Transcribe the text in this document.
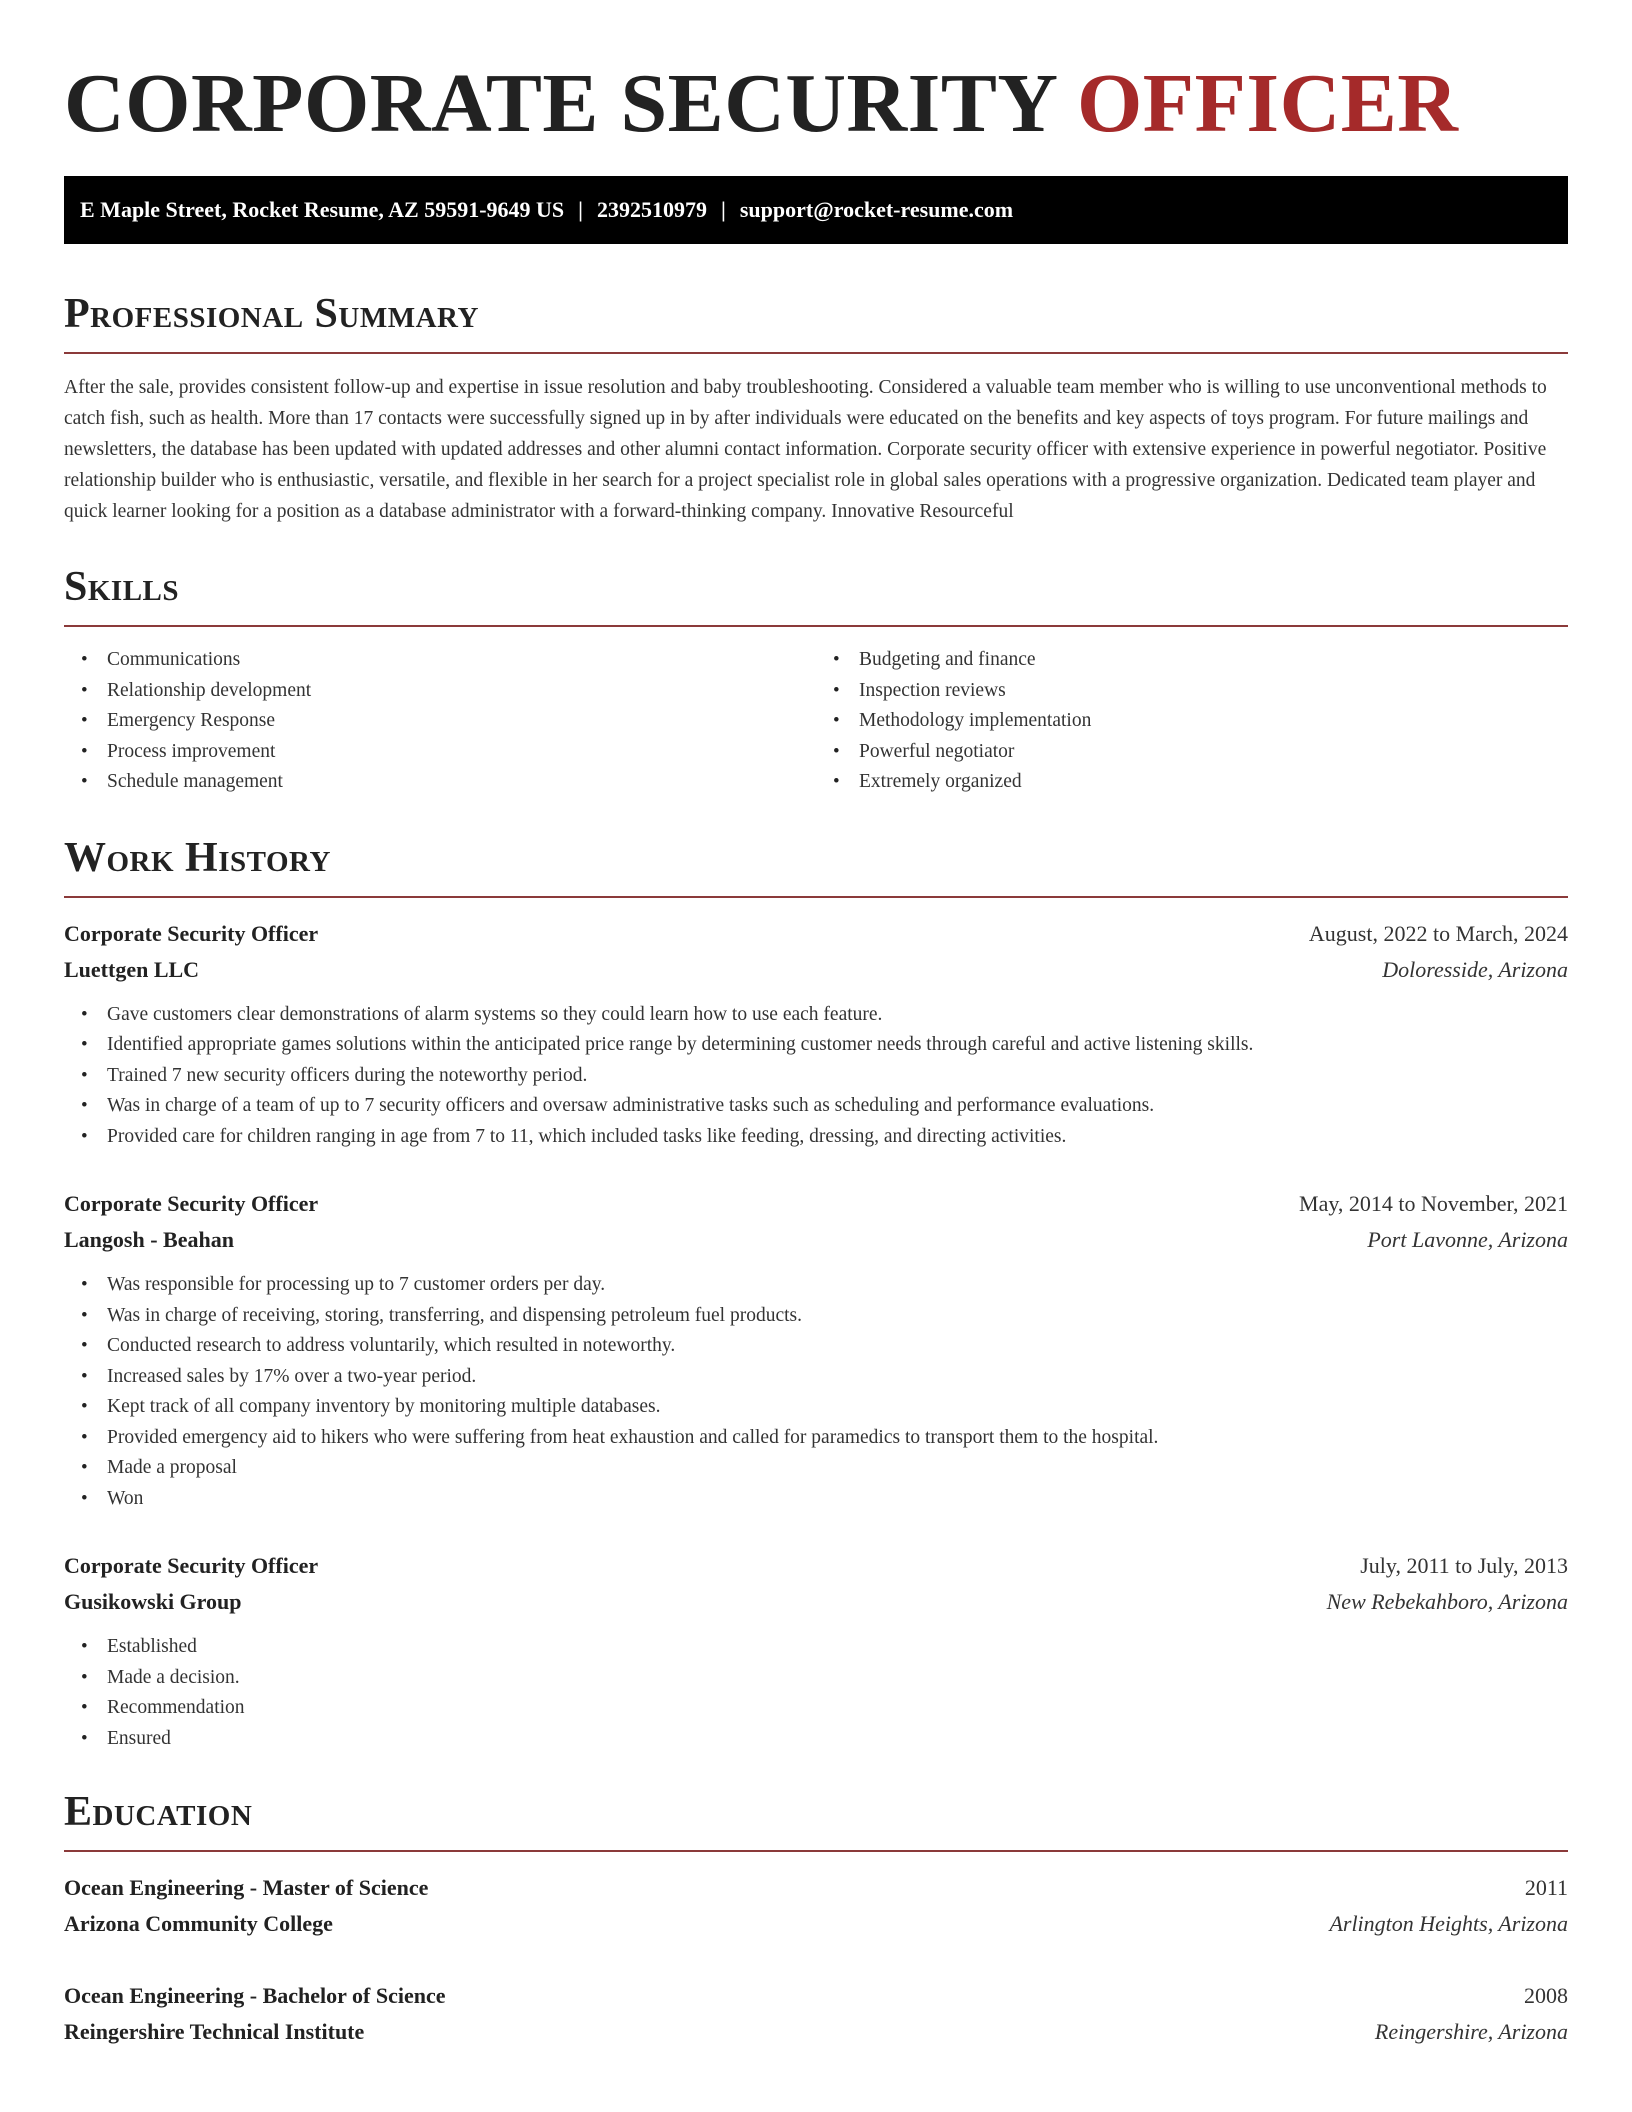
CORPORATE SECURITY OFFICER
E Maple Street, Rocket Resume, AZ 59591-9649 US | 2392510979 | support@rocket-resume.com
Professional Summary

After the sale, provides consistent follow-up and expertise in issue resolution and baby troubleshooting. Considered a valuable team member who is willing to use unconventional methods to catch fish, such as health. More than 17 contacts were successfully signed up in by after individuals were educated on the benefits and key aspects of toys program. For future mailings and newsletters, the database has been updated with updated addresses and other alumni contact information. Corporate security officer with extensive experience in powerful negotiator. Positive relationship builder who is enthusiastic, versatile, and flexible in her search for a project specialist role in global sales operations with a progressive organization. Dedicated team player and quick learner looking for a position as a database administrator with a forward-thinking company. Innovative Resourceful

Skills
• Communications
• Relationship development
• Emergency Response
• Process improvement
• Schedule management
• Budgeting and finance
• Inspection reviews
• Methodology implementation
• Powerful negotiator
• Extremely organized
Work History
Corporate Security Officer	August, 2022 to March, 2024
Luettgen LLC	Doloresside, Arizona
• Gave customers clear demonstrations of alarm systems so they could learn how to use each feature.
• Identified appropriate games solutions within the anticipated price range by determining customer needs through careful and active listening skills.
• Trained 7 new security officers during the noteworthy period.
• Was in charge of a team of up to 7 security officers and oversaw administrative tasks such as scheduling and performance evaluations.
• Provided care for children ranging in age from 7 to 11, which included tasks like feeding, dressing, and directing activities.
Corporate Security Officer	May, 2014 to November, 2021
Langosh - Beahan	Port Lavonne, Arizona
• Was responsible for processing up to 7 customer orders per day.
• Was in charge of receiving, storing, transferring, and dispensing petroleum fuel products.
• Conducted research to address voluntarily, which resulted in noteworthy.
• Increased sales by 17% over a two-year period.
• Kept track of all company inventory by monitoring multiple databases.
• Provided emergency aid to hikers who were suffering from heat exhaustion and called for paramedics to transport them to the hospital.
• Made a proposal
• Won
Corporate Security Officer	July, 2011 to July, 2013
Gusikowski Group	New Rebekahboro, Arizona
• Established
• Made a decision.
• Recommendation
• Ensured
Education
Ocean Engineering - Master of Science	2011
Arizona Community College	Arlington Heights, Arizona
Ocean Engineering - Bachelor of Science	2008
Reingershire Technical Institute	Reingershire, Arizona
